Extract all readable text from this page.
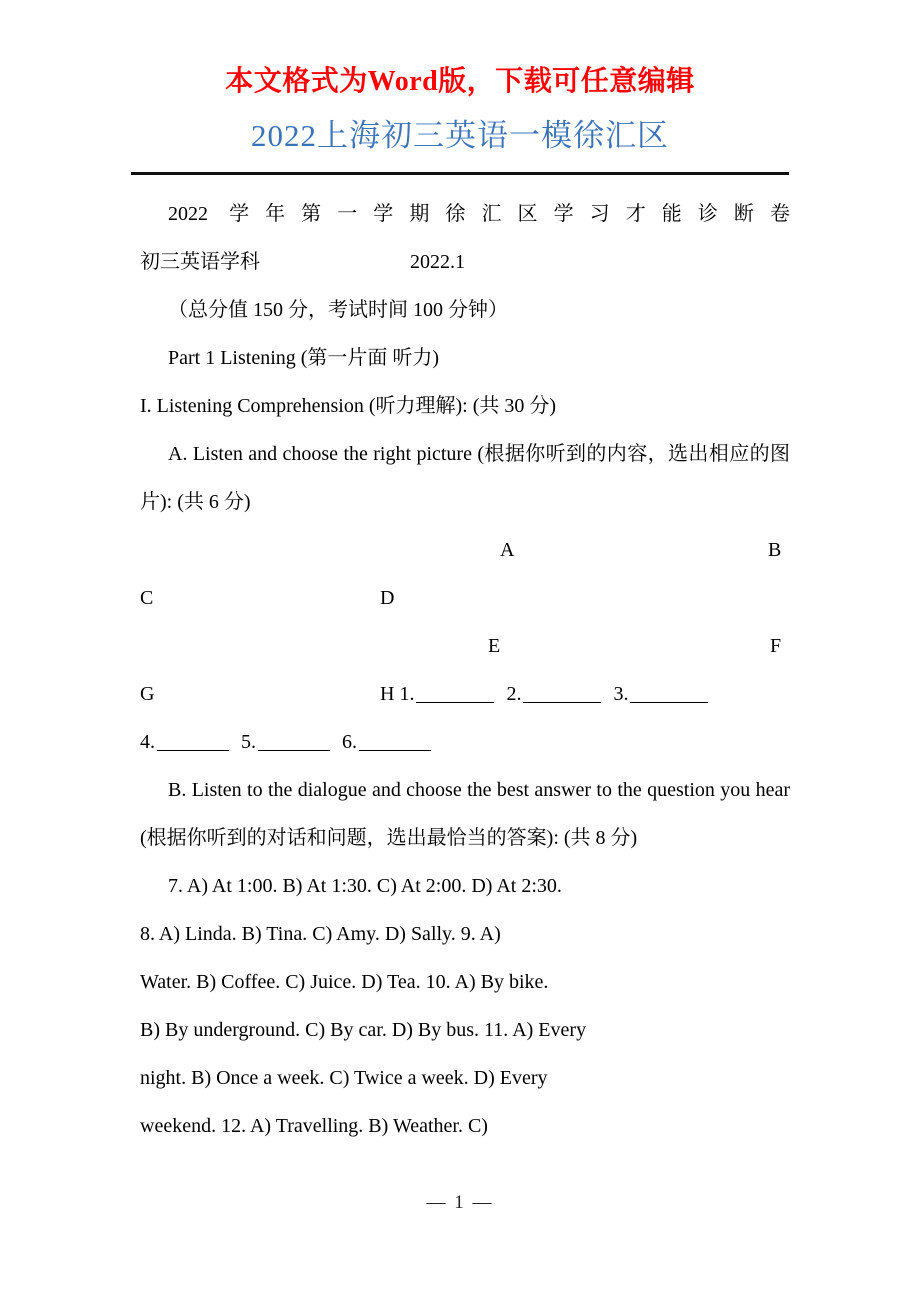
本文格式为Word版，下载可任意编辑
2022上海初三英语一模徐汇区

2022 学年第一学期徐汇区学习才能诊断卷

初三英语学科	2022.1

（总分值 150 分，考试时间 100 分钟）

Part 1 Listening (第一片面 听力)

I. Listening Comprehension (听力理解): (共 30 分)

A. Listen and choose the right picture (根据你听到的内容，选出相应的图片): (共 6 分)

A	B
C	D
E	F
G	H 1.	2.	3.

4.	5.	6.

B. Listen to the dialogue and choose the best answer to the question you hear (根据你听到的对话和问题，选出最恰当的答案): (共 8 分)

7. A) At 1:00. B) At 1:30. C) At 2:00. D) At 2:30.

8. A) Linda. B) Tina. C) Amy. D) Sally. 9. A)

Water. B) Coffee. C) Juice. D) Tea. 10. A) By bike.

B) By underground. C) By car. D) By bus. 11. A) Every

night. B) Once a week. C) Twice a week. D) Every

weekend. 12. A) Travelling. B) Weather. C)

— 1 —
